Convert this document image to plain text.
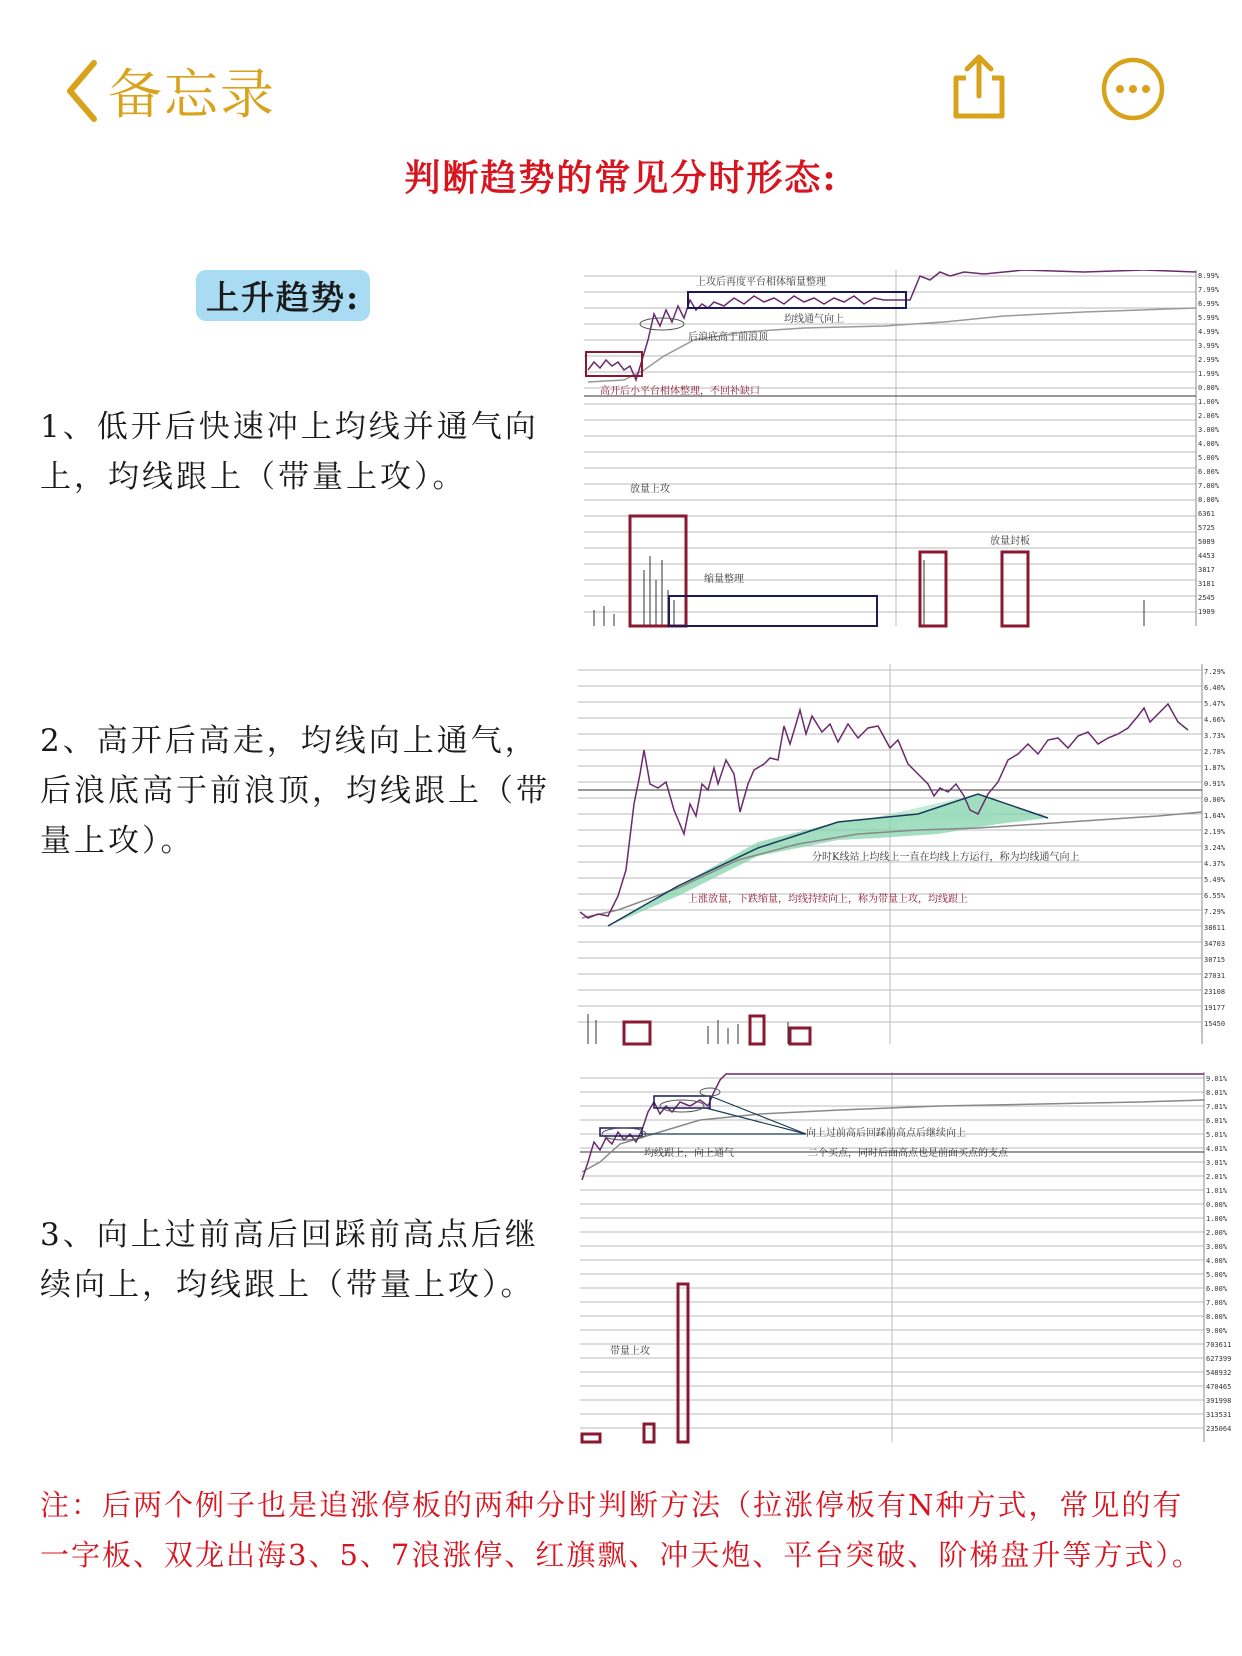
备忘录
判断趋势的常见分时形态:
上升趋势:
1、低开后快速冲上均线并通气向上，均线跟上（带量上攻）。
2、高开后高走，均线向上通气，后浪底高于前浪顶，均线跟上（带量上攻）。
3、向上过前高后回踩前高点后继续向上，均线跟上（带量上攻）。
上攻后再度平台相体缩量整理
均线通气向上
后浪底高于前浪顶
高开后小平台相体整理，不回补缺口
放量上攻
缩量整理
放量封板
8.99%
7.99%
6.99%
5.99%
4.99%
3.99%
2.99%
1.99%
0.00%
1.00%
2.00%
3.00%
4.00%
5.00%
6.00%
7.00%
8.00%
6361
5725
5089
4453
3817
3181
2545
1909
分时K线站上均线上一直在均线上方运行，称为均线通气向上
上涨放量，下跌缩量，均线持续向上，称为带量上攻，均线跟上
7.29%
6.40%
5.47%
4.66%
3.73%
2.78%
1.87%
0.91%
0.00%
1.64%
2.19%
3.24%
4.37%
5.49%
6.55%
7.29%
38611
34703
30715
27031
23108
19177
15450
向上过前高后回踩前高点后继续向上
均线跟上，向上通气	二个买点，同时后面高点也是前面买点的支点
带量上攻
9.01%
8.01%
7.01%
6.01%
5.01%
4.01%
3.01%
2.01%
1.01%
0.00%
1.00%
2.00%
3.00%
4.00%
5.00%
6.00%
7.00%
8.00%
9.00%
703611
627399
548932
470465
391998
313531
235064
注：后两个例子也是追涨停板的两种分时判断方法（拉涨停板有N种方式，常见的有一字板、双龙出海3、5、7浪涨停、红旗飘、冲天炮、平台突破、阶梯盘升等方式）。
